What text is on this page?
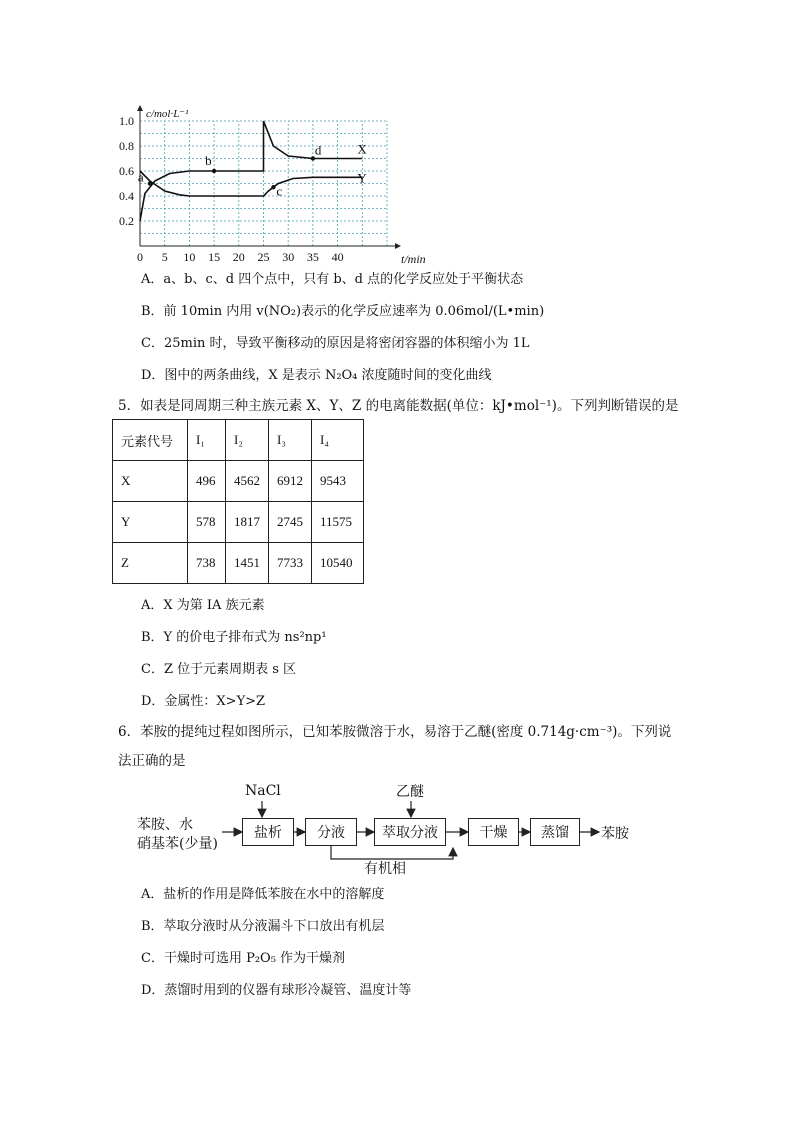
0 5 10 15 20 25 30 35 40
0.2
0.4
0.6
0.8
1.0 c/mol·L⁻¹
t/min
X
Y
a
b
c
d
A．a、b、c、d 四个点中，只有 b、d 点的化学反应处于平衡状态
B．前 10min 内用 v(NO₂)表示的化学反应速率为 0.06mol/(L•min)
C．25min 时，导致平衡移动的原因是将密闭容器的体积缩小为 1L
D．图中的两条曲线，X 是表示 N₂O₄ 浓度随时间的变化曲线
5．如表是同周期三种主族元素 X、Y、Z 的电离能数据(单位：kJ•mol⁻¹)。下列判断错误的是
元素代号	I₁	I₂	I₃	I₄
X	496	4562	6912	9543
Y	578	1817	2745	11575
Z	738	1451	7733	10540
A．X 为第 IA 族元素
B．Y 的价电子排布式为 ns²np¹
C．Z 位于元素周期表 s 区
D．金属性：X>Y>Z
6．苯胺的提纯过程如图所示，已知苯胺微溶于水，易溶于乙醚(密度 0.714g·cm⁻³)。下列说
法正确的是
苯胺、水
硝基苯(少量)
NaCl	乙醚
盐析	分液	萃取分液	干燥	蒸馏	苯胺
有机相
A．盐析的作用是降低苯胺在水中的溶解度
B．萃取分液时从分液漏斗下口放出有机层
C．干燥时可选用 P₂O₅ 作为干燥剂
D．蒸馏时用到的仪器有球形冷凝管、温度计等
